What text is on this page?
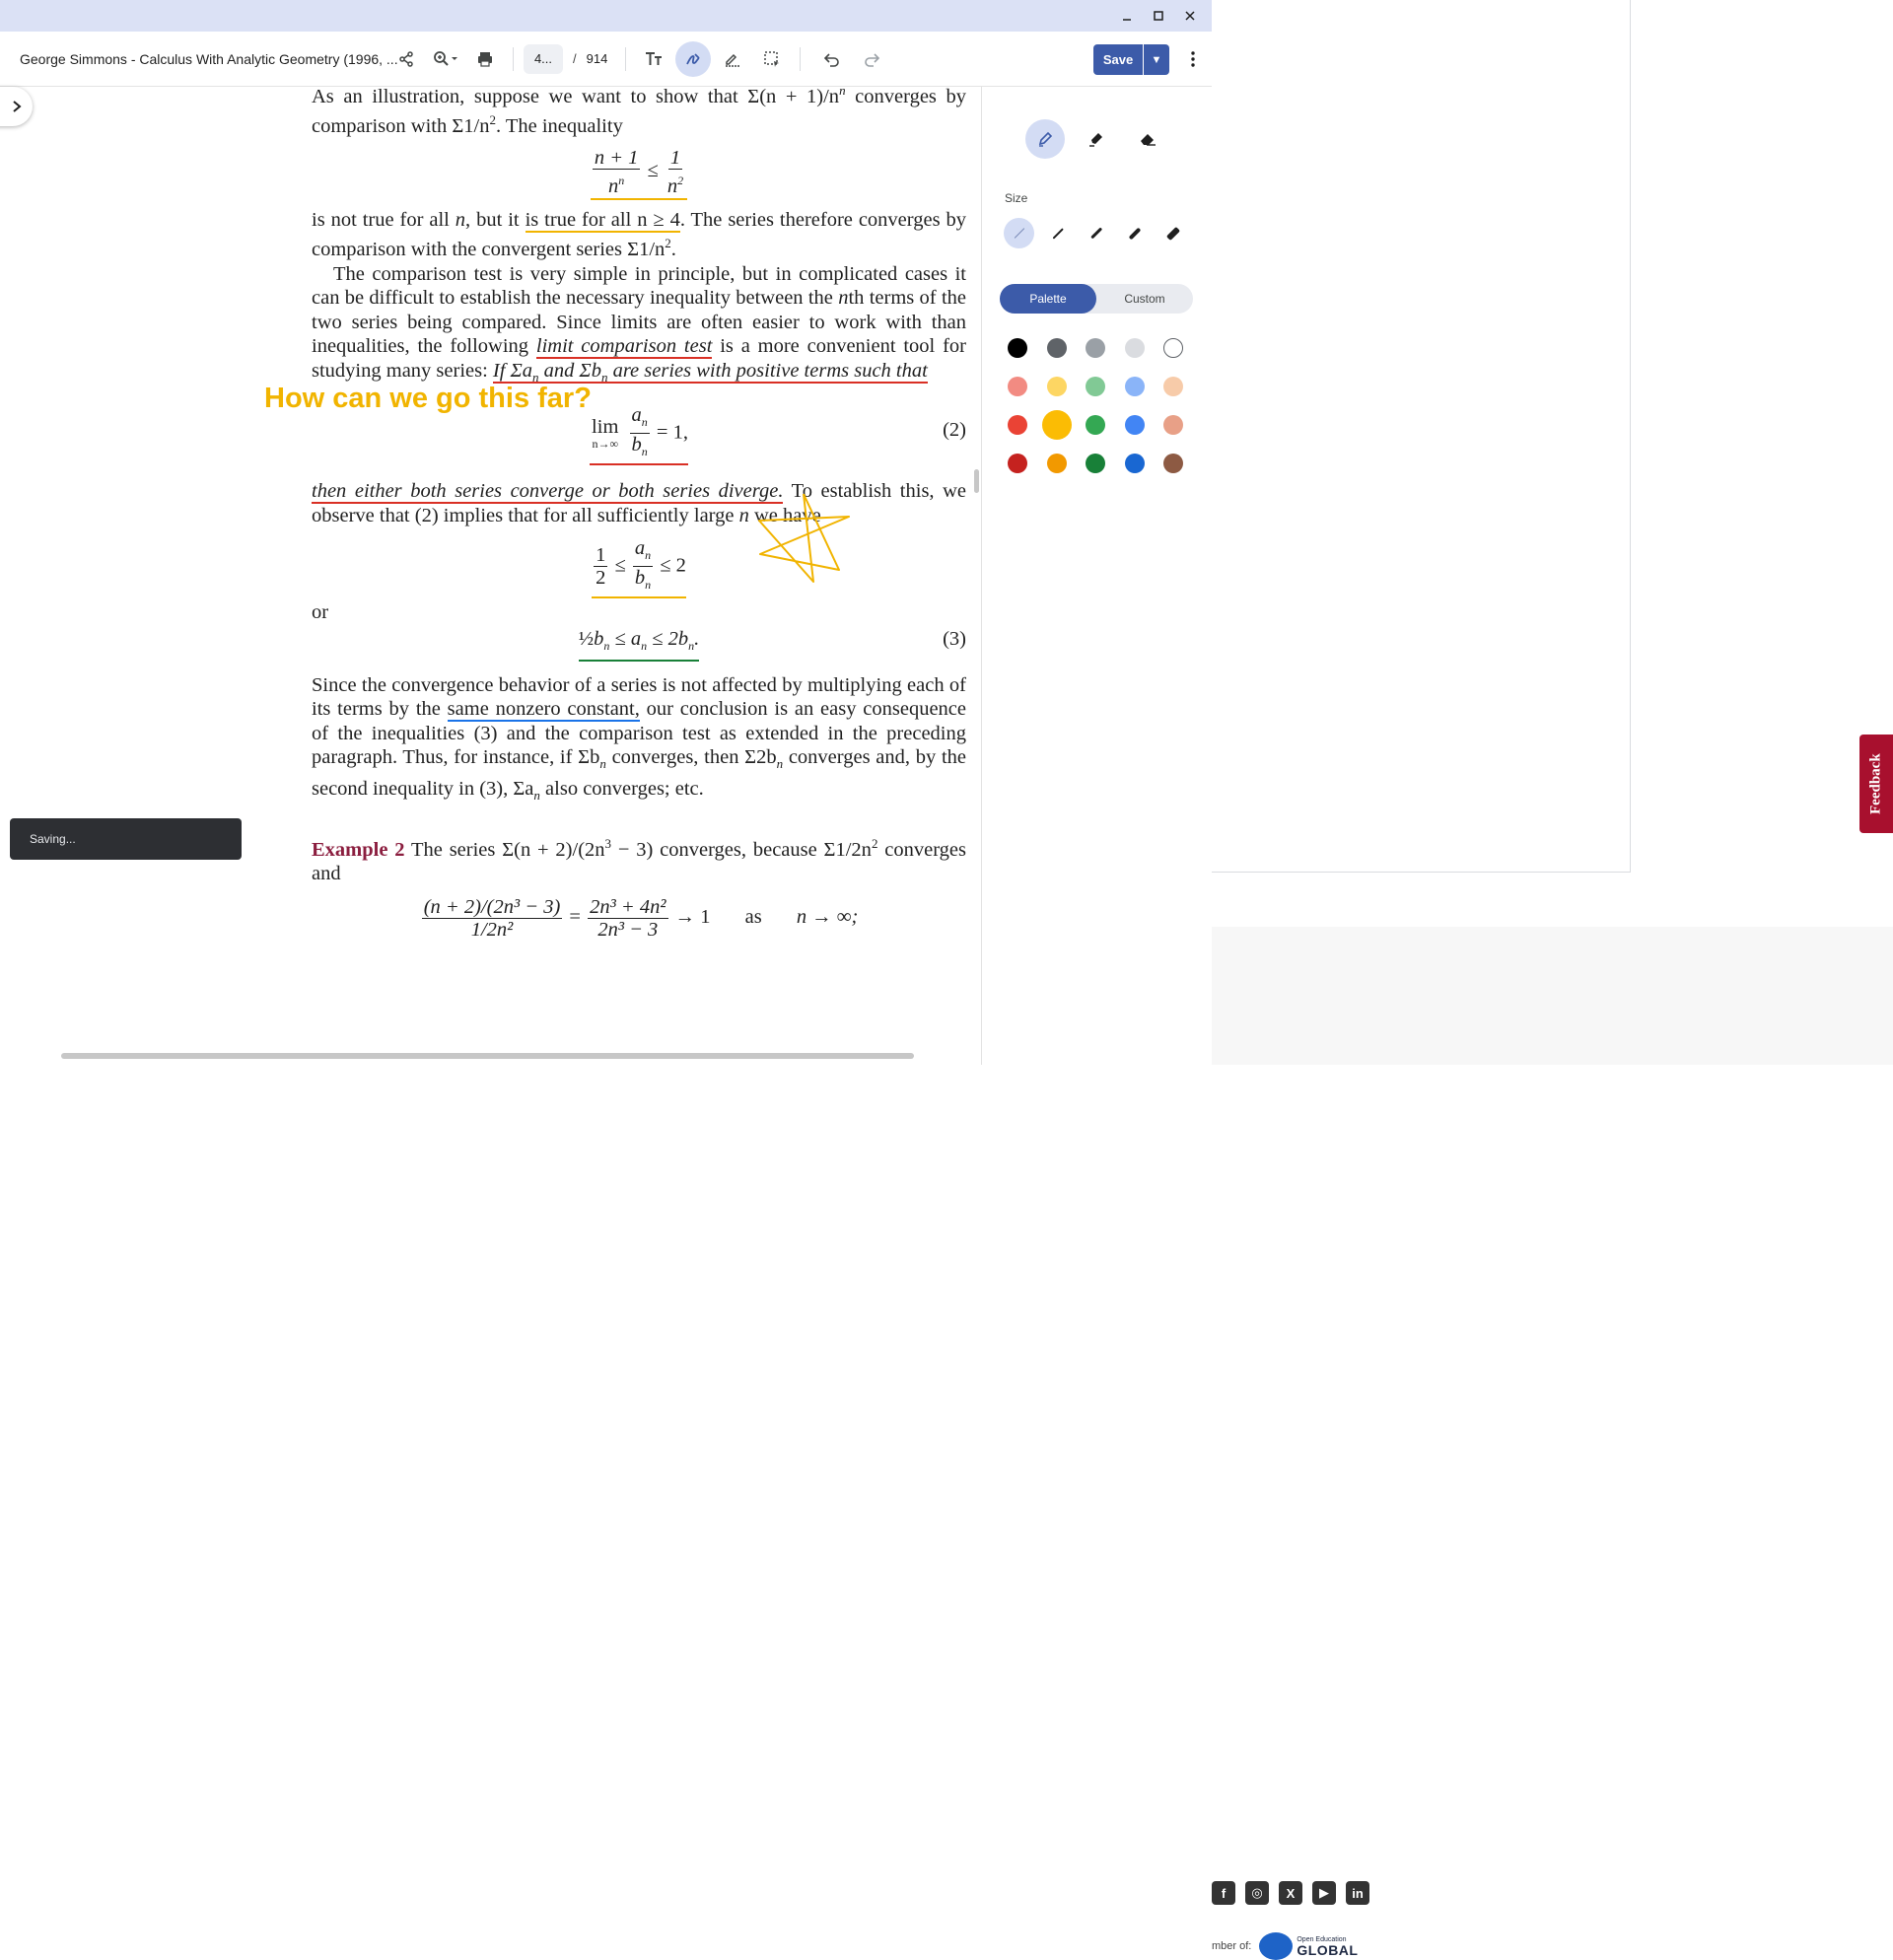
f	◎	X	▶	in
mber of:
Open Education
GLOBAL
Feedback
George Simmons - Calculus With Analytic Geometry (1996, ...	4...	/ 914	Save	▼

As an illustration, suppose we want to show that $\Sigma(n + 1)/n^n$ converges by comparison with $\Sigma 1/n^2$. The inequality

$\frac{n + 1}{n^n} \le \frac{1}{n^2}$

is not true for all n, but it is true for all n ≥ 4. The series therefore converges by comparison with the convergent series $\Sigma 1/n^2$.

The comparison test is very simple in principle, but in complicated cases it can be difficult to establish the necessary inequality between the nth terms of the two series being compared. Since limits are often easier to work with than inequalities, the following limit comparison test is a more convenient tool for studying many series: If $\Sigma a_n$ and $\Sigma b_n$ are series with positive terms such that

lim
n→∞
$\frac{a_n}{b_n} = 1$,	(2)

then either both series converge or both series diverge. To establish this, we observe that (2) implies that for all sufficiently large n we have

$\frac{1}{2} \le \frac{a_n}{b_n} \le 2$

or

$\frac{1}{2}b_n \le a_n \le 2b_n$.	(3)

Since the convergence behavior of a series is not affected by multiplying each of its terms by the same nonzero constant, our conclusion is an easy consequence of the inequalities (3) and the comparison test as extended in the preceding paragraph. Thus, for instance, if $\Sigma b_n$ converges, then $\Sigma 2b_n$ converges and, by the second inequality in (3), $\Sigma a_n$ also converges; etc.

Example 2 The series $\Sigma(n + 2)/(2n^3 - 3)$ converges, because $\Sigma 1/2n^2$ converges and

$\frac{\text{(n + 2)/(2n³ − 3)}}{\text{1/2n²}} = \frac{\text{2n³ + 4n²}}{\text{2n³ − 3}} \to 1$ as n → ∞;
How can we go this far?
Size
Palette	Custom
Saving...
